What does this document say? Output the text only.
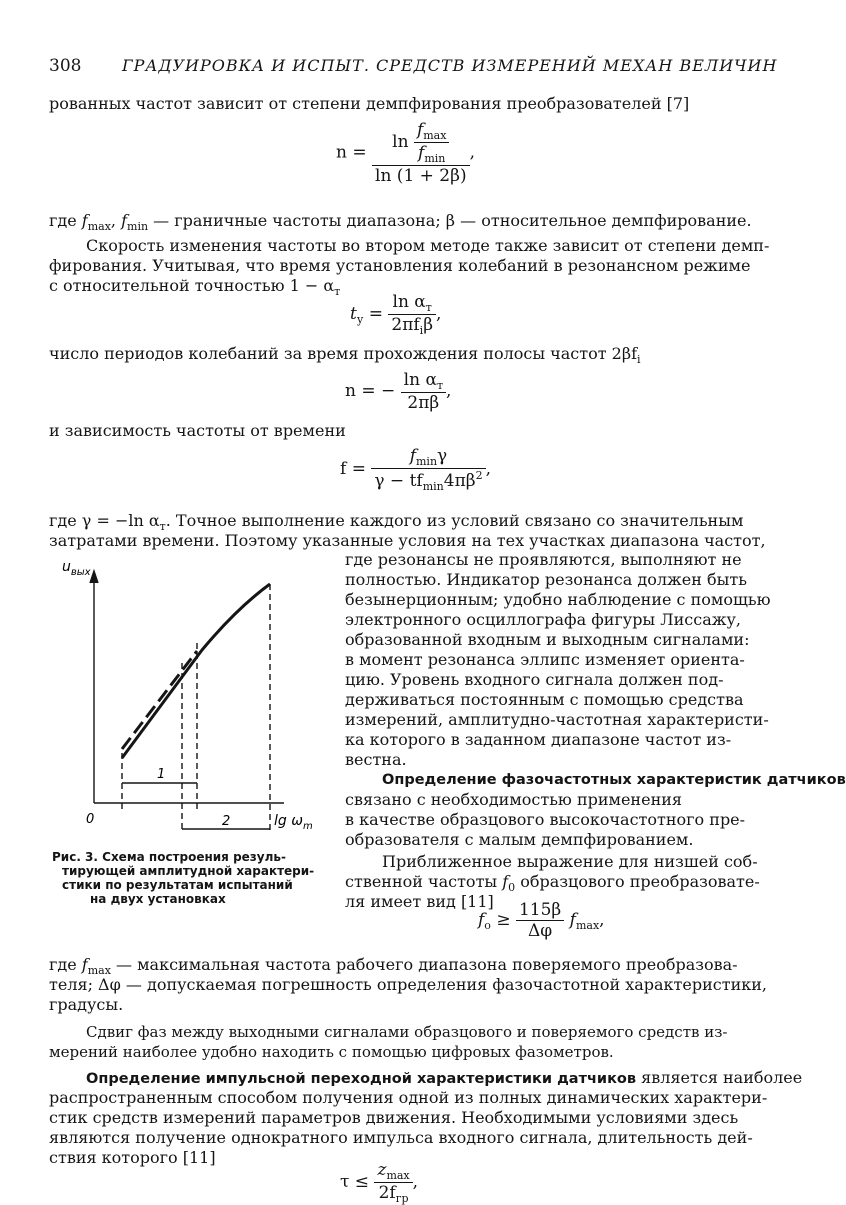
308	ГРАДУИРОВКА И ИСПЫТ. СРЕДСТВ ИЗМЕРЕНИЙ МЕХАН ВЕЛИЧИН
рованных частот зависит от степени демпфирования преобразователей [7]
$n = \frac{\ln \frac{f_{max}}{f_{min}}}{\ln (1 + 2\beta)}$ ,
где $f_{max}$, $f_{min}$ — граничные частоты диапазона; β — относительное демпфирование.
Скорость изменения частоты во втором методе также зависит от степени демп-
фирования. Учитывая, что время установления колебаний в резонансном режиме
с относительной точностью $1 - \alpha_т$
$t_у = \frac{\ln \alpha_т}{2\pi f_i\beta}$ ,
число периодов колебаний за время прохождения полосы частот $2\beta f_i$
n = − $\frac{\ln \alpha_т}{2\pi\beta}$ ,
и зависимость частоты от времени
$f = \frac{f_{min}\gamma}{\gamma - tf_{min}4\pi\beta^2}$ ,
где γ = −ln $\alpha_т$. Точное выполнение каждого из условий связано со значительным
затратами времени. Поэтому указанные условия на тех участках диапазона частот,
$u_{вых}$
0
1
2	$\lg \omega_m$
Рис. 3. Схема построения резуль-
тирующей амплитудной характери-
стики по результатам испытаний
на двух установках
где резонансы не проявляются, выполняют не
полностью. Индикатор резонанса должен быть
безынерционным; удобно наблюдение с помощью
электронного осциллографа фигуры Лиссажу,
образованной входным и выходным сигналами:
в момент резонанса эллипс изменяет ориента-
цию. Уровень входного сигнала должен под-
держиваться постоянным с помощью средства
измерений, амплитудно-частотная характеристи-
ка которого в заданном диапазоне частот из-
вестна.
Определение фазочастотных характеристик датчиков
связано с необходимостью применения
в качестве образцового высокочастотного пре-
образователя с малым демпфированием.
Приближенное выражение для низшей соб-
ственной частоты $f_0$ образцового преобразовате-
ля имеет вид [11]
$f_о \ge \frac{115\beta}{\Delta\varphi} f_{max}$,
где $f_{max}$ — максимальная частота рабочего диапазона поверяемого преобразова-
теля; Δφ — допускаемая погрешность определения фазочастотной характеристики,
градусы.
Сдвиг фаз между выходными сигналами образцового и поверяемого средств из-
мерений наиболее удобно находить с помощью цифровых фазометров.
Определение импульсной переходной характеристики датчиков является наиболее
распространенным способом получения одной из полных динамических характери-
стик средств измерений параметров движения. Необходимыми условиями здесь
являются получение однократного импульса входного сигнала, длительность дей-
ствия которого [11]
$\tau \le \frac{z_{max}}{2f_{гр}}$ ,
